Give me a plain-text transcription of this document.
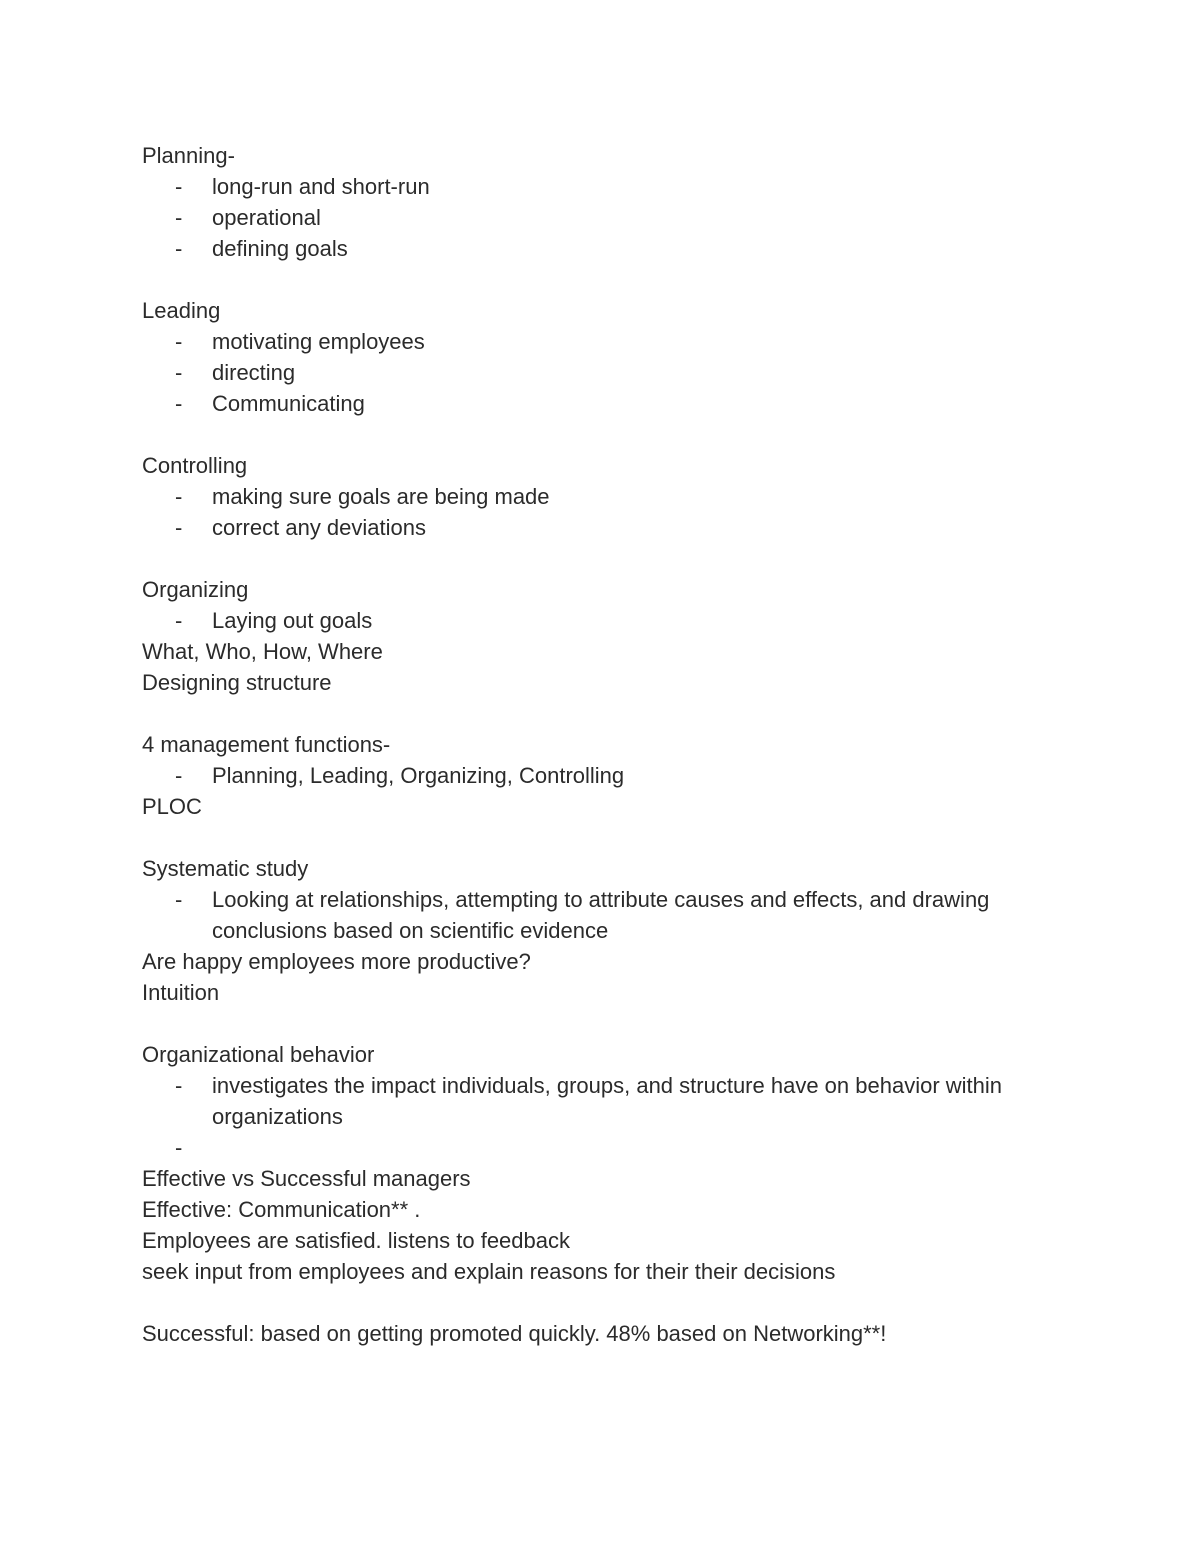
Planning-
- long-run and short-run
- operational
- defining goals
Leading
- motivating employees
- directing
- Communicating
Controlling
- making sure goals are being made
- correct any deviations
Organizing
- Laying out goals
What, Who, How, Where
Designing structure
4 management functions-
- Planning, Leading, Organizing, Controlling
PLOC
Systematic study
- Looking at relationships, attempting to attribute causes and effects, and drawing conclusions based on scientific evidence
Are happy employees more productive?
Intuition
Organizational behavior
- investigates the impact individuals, groups, and structure have on behavior within organizations
-
Effective vs Successful managers
Effective: Communication** .
Employees are satisfied. listens to feedback
seek input from employees and explain reasons for their their decisions
Successful: based on getting promoted quickly. 48% based on Networking**!
